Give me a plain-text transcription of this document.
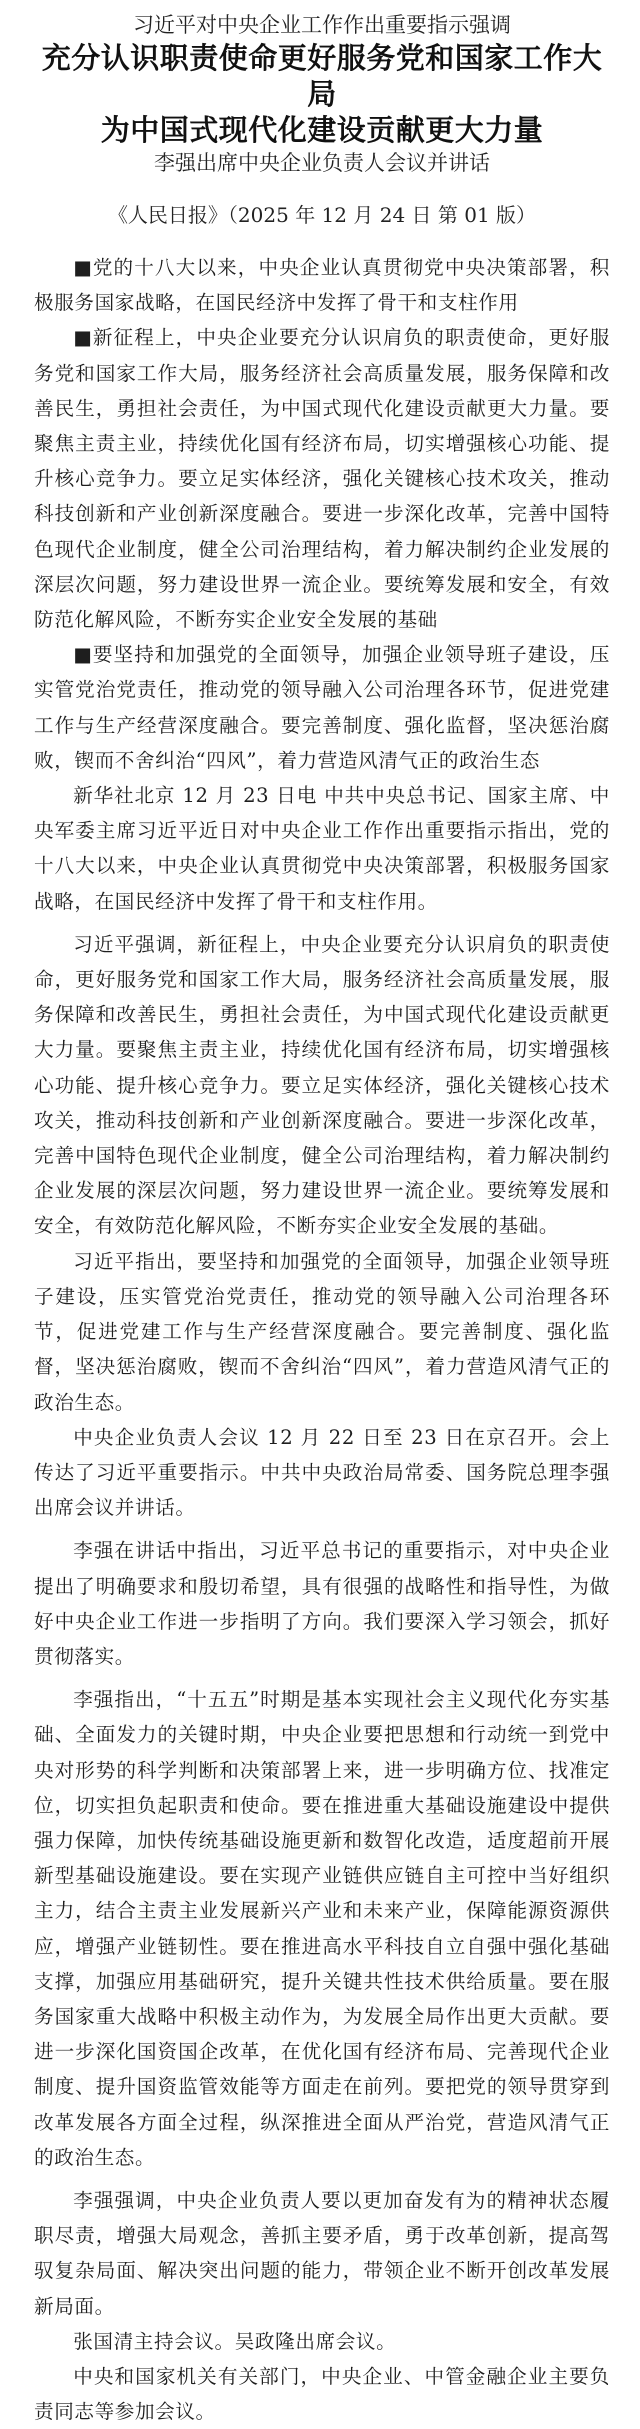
习近平对中央企业工作作出重要指示强调

充分认识职责使命更好服务党和国家工作大局
为中国式现代化建设贡献更大力量

李强出席中央企业负责人会议并讲话

《人民日报》（2025 年 12 月 24 日 第 01 版）

■党的十八大以来，中央企业认真贯彻党中央决策部署，积极服务国家战略，在国民经济中发挥了骨干和支柱作用

■新征程上，中央企业要充分认识肩负的职责使命，更好服务党和国家工作大局，服务经济社会高质量发展，服务保障和改善民生，勇担社会责任，为中国式现代化建设贡献更大力量。要聚焦主责主业，持续优化国有经济布局，切实增强核心功能、提升核心竞争力。要立足实体经济，强化关键核心技术攻关，推动科技创新和产业创新深度融合。要进一步深化改革，完善中国特色现代企业制度，健全公司治理结构，着力解决制约企业发展的深层次问题，努力建设世界一流企业。要统筹发展和安全，有效防范化解风险，不断夯实企业安全发展的基础

■要坚持和加强党的全面领导，加强企业领导班子建设，压实管党治党责任，推动党的领导融入公司治理各环节，促进党建工作与生产经营深度融合。要完善制度、强化监督，坚决惩治腐败，锲而不舍纠治“四风”，着力营造风清气正的政治生态

新华社北京 12 月 23 日电 中共中央总书记、国家主席、中央军委主席习近平近日对中央企业工作作出重要指示指出，党的十八大以来，中央企业认真贯彻党中央决策部署，积极服务国家战略，在国民经济中发挥了骨干和支柱作用。

习近平强调，新征程上，中央企业要充分认识肩负的职责使命，更好服务党和国家工作大局，服务经济社会高质量发展，服务保障和改善民生，勇担社会责任，为中国式现代化建设贡献更大力量。要聚焦主责主业，持续优化国有经济布局，切实增强核心功能、提升核心竞争力。要立足实体经济，强化关键核心技术攻关，推动科技创新和产业创新深度融合。要进一步深化改革，完善中国特色现代企业制度，健全公司治理结构，着力解决制约企业发展的深层次问题，努力建设世界一流企业。要统筹发展和安全，有效防范化解风险，不断夯实企业安全发展的基础。

习近平指出，要坚持和加强党的全面领导，加强企业领导班子建设，压实管党治党责任，推动党的领导融入公司治理各环节，促进党建工作与生产经营深度融合。要完善制度、强化监督，坚决惩治腐败，锲而不舍纠治“四风”，着力营造风清气正的政治生态。

中央企业负责人会议 12 月 22 日至 23 日在京召开。会上传达了习近平重要指示。中共中央政治局常委、国务院总理李强出席会议并讲话。

李强在讲话中指出，习近平总书记的重要指示，对中央企业提出了明确要求和殷切希望，具有很强的战略性和指导性，为做好中央企业工作进一步指明了方向。我们要深入学习领会，抓好贯彻落实。

李强指出，“十五五”时期是基本实现社会主义现代化夯实基础、全面发力的关键时期，中央企业要把思想和行动统一到党中央对形势的科学判断和决策部署上来，进一步明确方位、找准定位，切实担负起职责和使命。要在推进重大基础设施建设中提供强力保障，加快传统基础设施更新和数智化改造，适度超前开展新型基础设施建设。要在实现产业链供应链自主可控中当好组织主力，结合主责主业发展新兴产业和未来产业，保障能源资源供应，增强产业链韧性。要在推进高水平科技自立自强中强化基础支撑，加强应用基础研究，提升关键共性技术供给质量。要在服务国家重大战略中积极主动作为，为发展全局作出更大贡献。要进一步深化国资国企改革，在优化国有经济布局、完善现代企业制度、提升国资监管效能等方面走在前列。要把党的领导贯穿到改革发展各方面全过程，纵深推进全面从严治党，营造风清气正的政治生态。

李强强调，中央企业负责人要以更加奋发有为的精神状态履职尽责，增强大局观念，善抓主要矛盾，勇于改革创新，提高驾驭复杂局面、解决突出问题的能力，带领企业不断开创改革发展新局面。

张国清主持会议。吴政隆出席会议。

中央和国家机关有关部门，中央企业、中管金融企业主要负责同志等参加会议。
